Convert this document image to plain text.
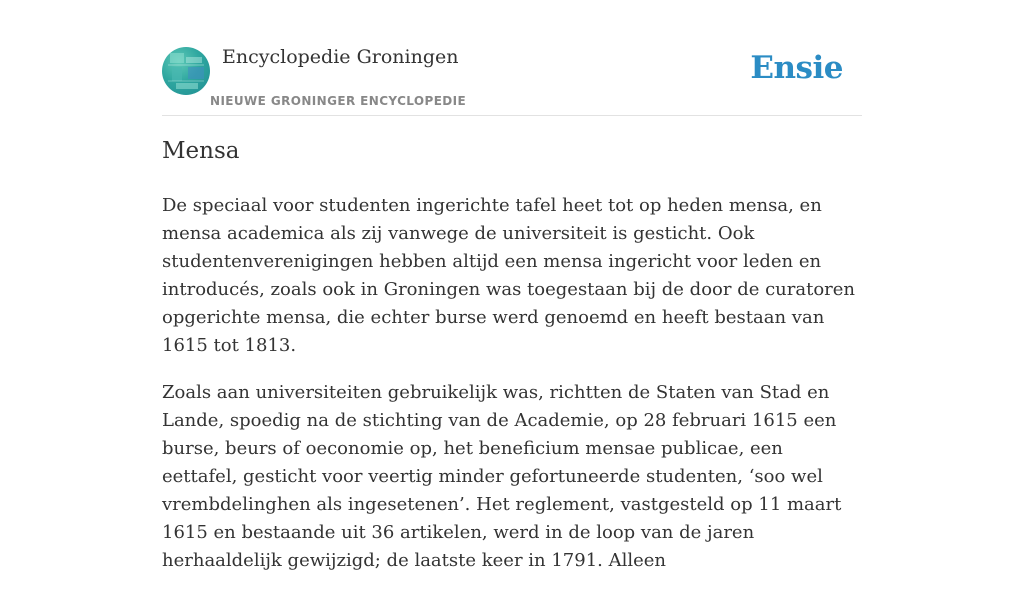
Encyclopedie Groningen
NIEUWE GRONINGER ENCYCLOPEDIE
Ensie
Mensa

De speciaal voor studenten ingerichte tafel heet tot op heden mensa, en mensa academica als zij vanwege de universiteit is gesticht. Ook studentenverenigingen hebben altijd een mensa ingericht voor leden en introducés, zoals ook in Groningen was toegestaan bij de door de curatoren opgerichte mensa, die echter burse werd genoemd en heeft bestaan van 1615 tot 1813.

Zoals aan universiteiten gebruikelijk was, richtten de Staten van Stad en Lande, spoedig na de stichting van de Academie, op 28 februari 1615 een burse, beurs of oeconomie op, het beneficium mensae publicae, een eettafel, gesticht voor veertig minder gefortuneerde studenten, ‘soo wel vrembdelinghen als ingesetenen’. Het reglement, vastgesteld op 11 maart 1615 en bestaande uit 36 artikelen, werd in de loop van de jaren herhaaldelijk gewijzigd; de laatste keer in 1791. Alleen
